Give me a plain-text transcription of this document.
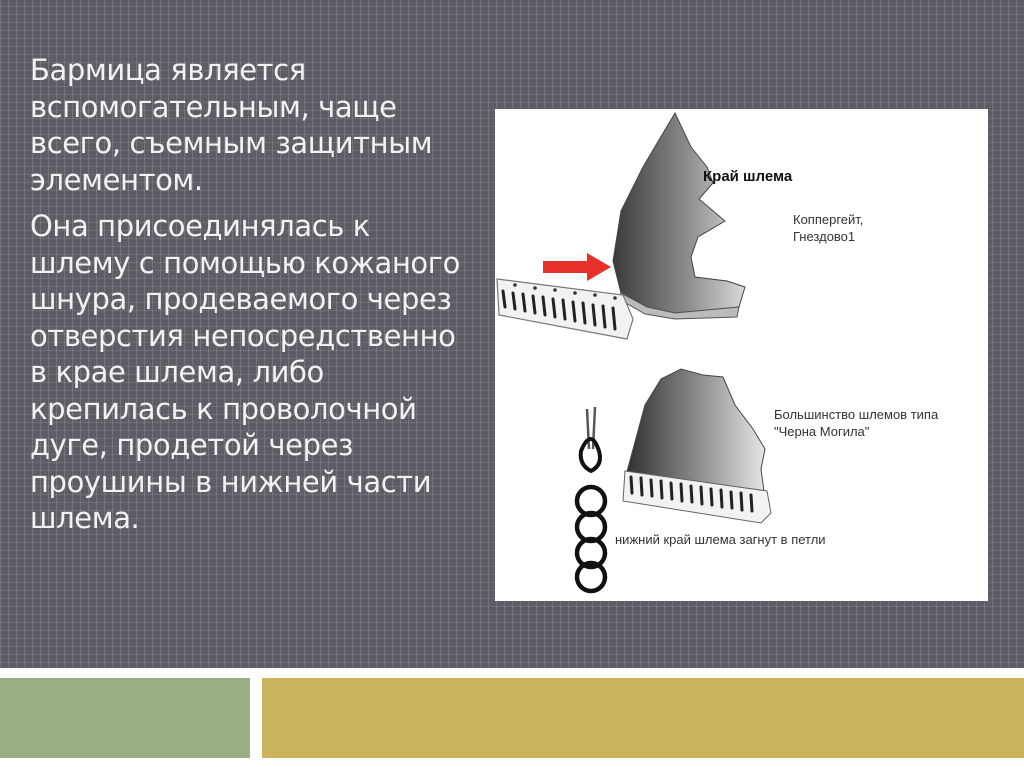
Бармица является вспомогательным, чаще всего, съемным защитным элементом.

Она присоединялась к шлему с помощью кожаного шнура, продеваемого через отверстия непосредственно в крае шлема, либо крепилась к проволочной дуге, продетой через проушины в нижней части шлема.

Край шлема
Коппергейт,
Гнездово1
Большинство шлемов типа
"Черна Могила"
нижний край шлема загнут в петли
